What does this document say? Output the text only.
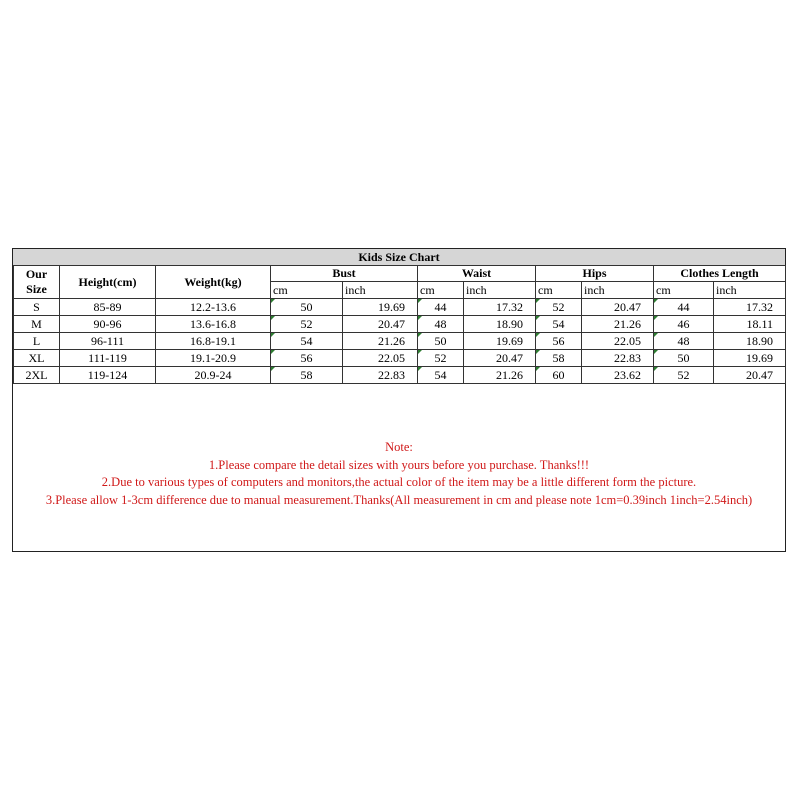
Kids Size Chart
Our
Size	Height(cm)	Weight(kg)	Bust		Waist		Hips		Clothes Length	
			cm	inch	cm	inch	cm	inch	cm	inch
S	85-89	12.2-13.6	50	19.69	44	17.32	52	20.47	44	17.32
M	90-96	13.6-16.8	52	20.47	48	18.90	54	21.26	46	18.11
L	96-111	16.8-19.1	54	21.26	50	19.69	56	22.05	48	18.90
XL	111-119	19.1-20.9	56	22.05	52	20.47	58	22.83	50	19.69
2XL	119-124	20.9-24	58	22.83	54	21.26	60	23.62	52	20.47
Note:
1.Please compare the detail sizes with yours before you purchase. Thanks!!!
2.Due to various types of computers and monitors,the actual color of the item may be a little different form the picture.
3.Please allow 1-3cm difference due to manual measurement.Thanks(All measurement in cm and please note 1cm=0.39inch 1inch=2.54inch)
